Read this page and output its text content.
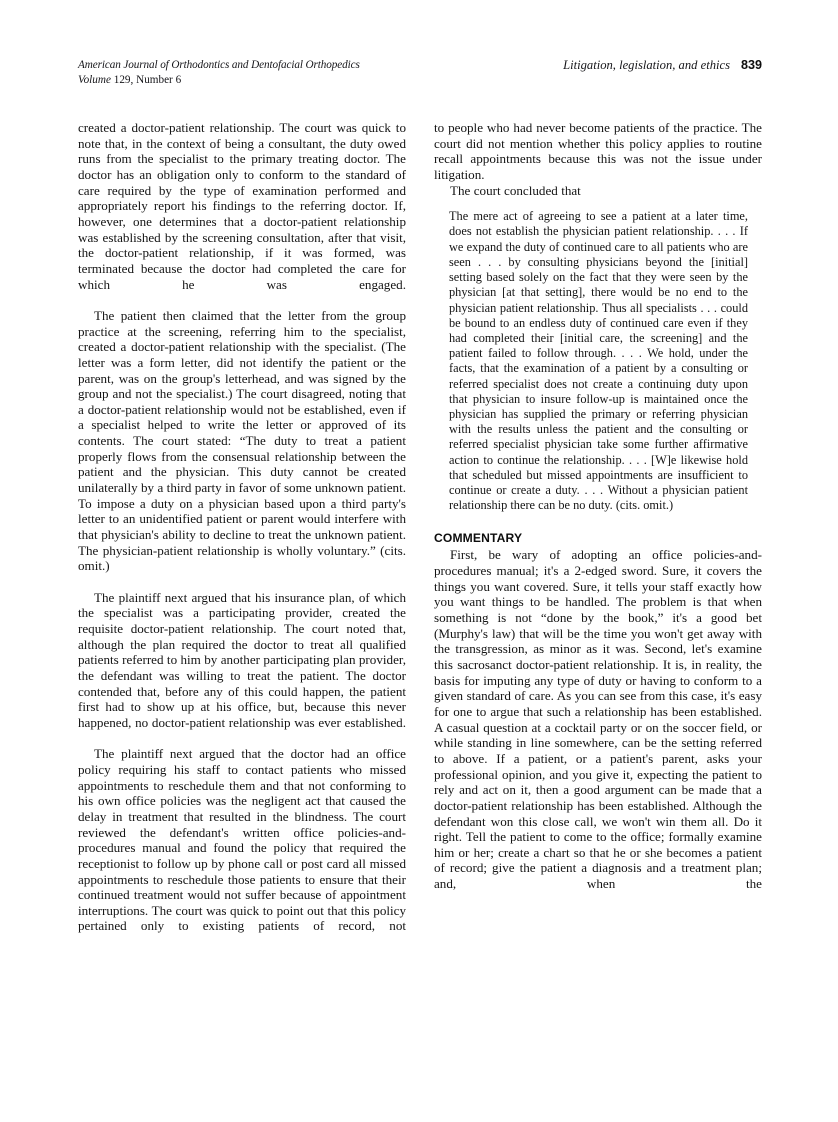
American Journal of Orthodontics and Dentofacial Orthopedics
Volume 129, Number 6
Litigation, legislation, and ethics 839

created a doctor-patient relationship. The court was quick to note that, in the context of being a consultant, the duty owed runs from the specialist to the primary treating doctor. The doctor has an obligation only to conform to the standard of care required by the type of examination performed and appropriately report his findings to the referring doctor. If, however, one determines that a doctor-patient relationship was established by the screening consultation, after that visit, the doctor-patient relationship, if it was formed, was terminated because the doctor had completed the care for which he was engaged.

The patient then claimed that the letter from the group practice at the screening, referring him to the specialist, created a doctor-patient relationship with the specialist. (The letter was a form letter, did not identify the patient or the parent, was on the group's letterhead, and was signed by the group and not the specialist.) The court disagreed, noting that a doctor-patient relationship would not be established, even if a specialist helped to write the letter or approved of its contents. The court stated: “The duty to treat a patient properly flows from the consensual relationship between the patient and the physician. This duty cannot be created unilaterally by a third party in favor of some unknown patient. To impose a duty on a physician based upon a third party's letter to an unidentified patient or parent would interfere with that physician's ability to decline to treat the unknown patient. The physician-patient relationship is wholly voluntary.” (cits. omit.)

The plaintiff next argued that his insurance plan, of which the specialist was a participating provider, created the requisite doctor-patient relationship. The court noted that, although the plan required the doctor to treat all qualified patients referred to him by another participating plan provider, the defendant was willing to treat the patient. The doctor contended that, before any of this could happen, the patient first had to show up at his office, but, because this never happened, no doctor-patient relationship was ever established.

The plaintiff next argued that the doctor had an office policy requiring his staff to contact patients who missed appointments to reschedule them and that not conforming to his own office policies was the negligent act that caused the delay in treatment that resulted in the blindness. The court reviewed the defendant's written office policies-and-procedures manual and found the policy that required the receptionist to follow up by phone call or post card all missed appointments to reschedule those patients to ensure that their continued treatment would not suffer because of appointment interruptions. The court was quick to point out that this policy pertained only to existing patients of record, not

to people who had never become patients of the practice. The court did not mention whether this policy applies to routine recall appointments because this was not the issue under litigation.

The court concluded that

The mere act of agreeing to see a patient at a later time, does not establish the physician patient relationship. . . . If we expand the duty of continued care to all patients who are seen . . . by consulting physicians beyond the [initial] setting based solely on the fact that they were seen by the physician [at that setting], there would be no end to the physician patient relationship. Thus all specialists . . . could be bound to an endless duty of continued care even if they had completed their [initial care, the screening] and the patient failed to follow through. . . . We hold, under the facts, that the examination of a patient by a consulting or referred specialist does not create a continuing duty upon that physician to insure follow-up is maintained once the physician has supplied the primary or referring physician with the results unless the patient and the consulting or referred specialist physician take some further affirmative action to continue the relationship. . . . [W]e likewise hold that scheduled but missed appointments are insufficient to continue or create a duty. . . . Without a physician patient relationship there can be no duty. (cits. omit.)

COMMENTARY

First, be wary of adopting an office policies-and-procedures manual; it's a 2-edged sword. Sure, it covers the things you want covered. Sure, it tells your staff exactly how you want things to be handled. The problem is that when something is not “done by the book,” it's a good bet (Murphy's law) that will be the time you won't get away with the transgression, as minor as it was. Second, let's examine this sacrosanct doctor-patient relationship. It is, in reality, the basis for imputing any type of duty or having to conform to a given standard of care. As you can see from this case, it's easy for one to argue that such a relationship has been established. A casual question at a cocktail party or on the soccer field, or while standing in line somewhere, can be the setting referred to above. If a patient, or a patient's parent, asks your professional opinion, and you give it, expecting the patient to rely and act on it, then a good argument can be made that a doctor-patient relationship has been established. Although the defendant won this close call, we won't win them all. Do it right. Tell the patient to come to the office; formally examine him or her; create a chart so that he or she becomes a patient of record; give the patient a diagnosis and a treatment plan; and, when the
